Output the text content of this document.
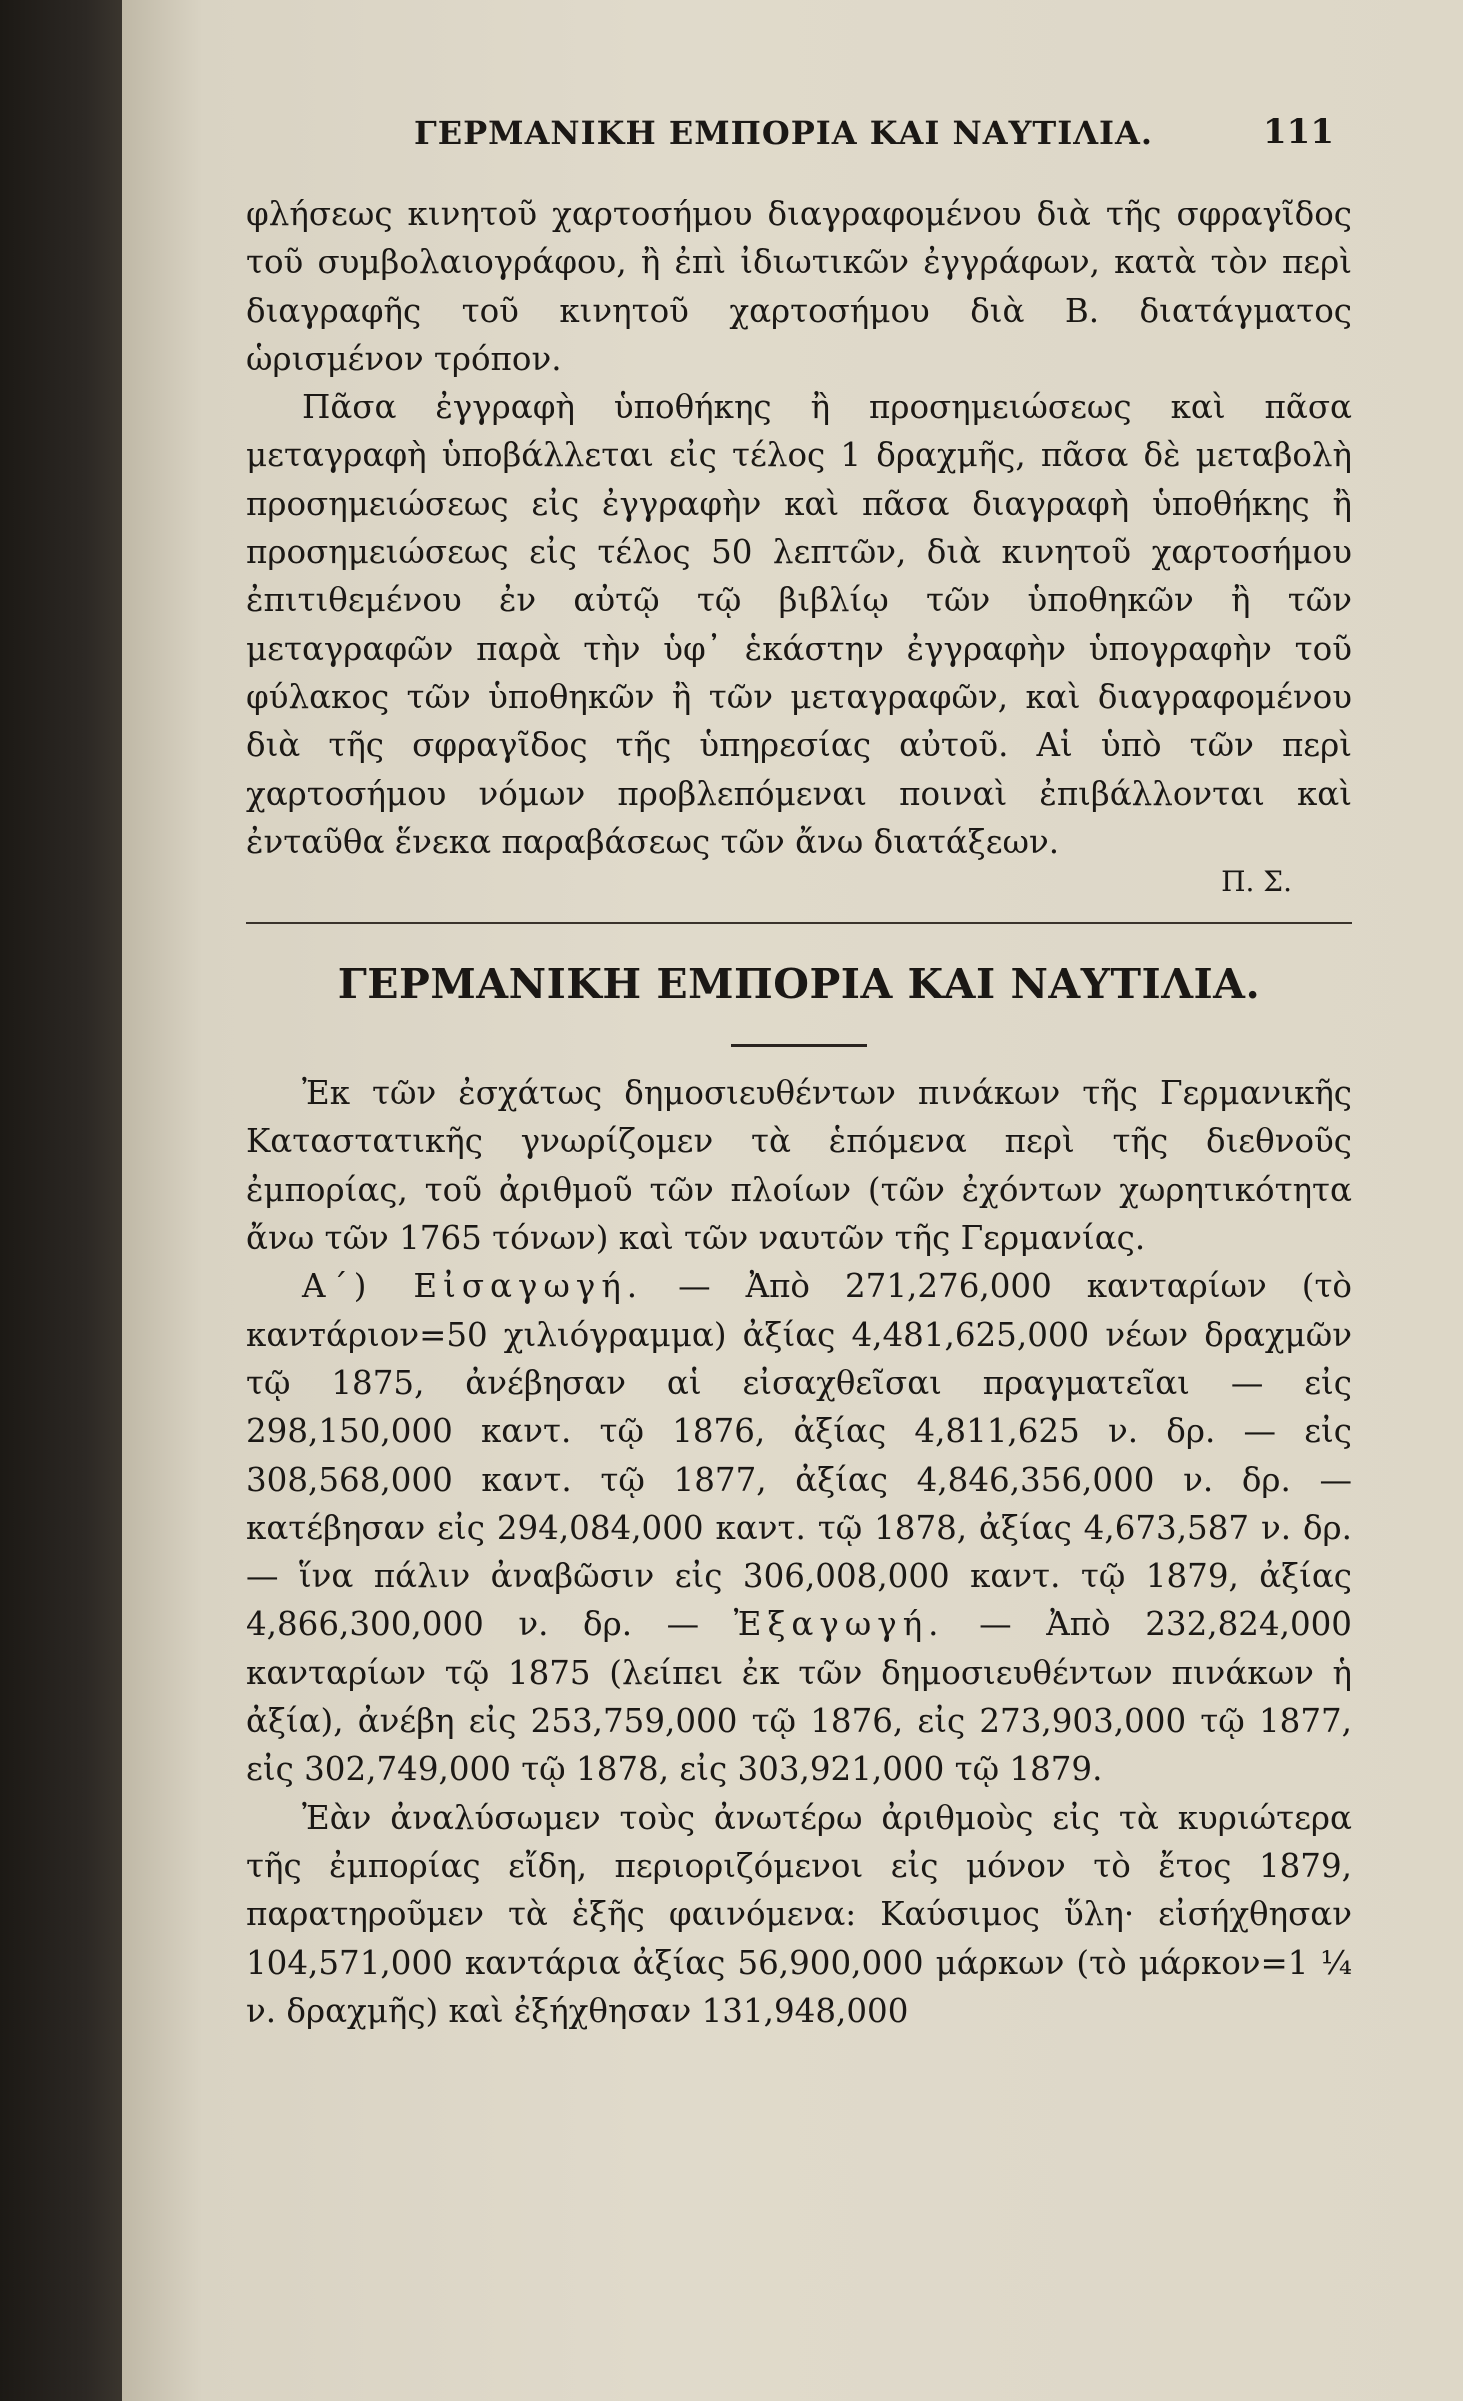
ΓΕΡΜΑΝΙΚΗ ΕΜΠΟΡΙΑ ΚΑΙ ΝΑΥΤΙΛΙΑ.	111

φλήσεως κινητοῦ χαρτοσήμου διαγραφομένου διὰ τῆς σφραγῖδος τοῦ συμβολαιογράφου, ἢ ἐπὶ ἰδιωτικῶν ἐγγράφων, κατὰ τὸν περὶ διαγραφῆς τοῦ κινητοῦ χαρτοσήμου διὰ Β. διατάγματος ὡρισμένον τρόπον.

Πᾶσα ἐγγραφὴ ὑποθήκης ἢ προσημειώσεως καὶ πᾶσα μεταγραφὴ ὑποβάλλεται εἰς τέλος 1 δραχμῆς, πᾶσα δὲ μεταβολὴ προσημειώσεως εἰς ἐγγραφὴν καὶ πᾶσα διαγραφὴ ὑποθήκης ἢ προσημειώσεως εἰς τέλος 50 λεπτῶν, διὰ κινητοῦ χαρτοσήμου ἐπιτιθεμένου ἐν αὐτῷ τῷ βιβλίῳ τῶν ὑποθηκῶν ἢ τῶν μεταγραφῶν παρὰ τὴν ὑφ᾽ ἑκάστην ἐγγραφὴν ὑπογραφὴν τοῦ φύλακος τῶν ὑποθηκῶν ἢ τῶν μεταγραφῶν, καὶ διαγραφομένου διὰ τῆς σφραγῖδος τῆς ὑπηρεσίας αὐτοῦ. Αἱ ὑπὸ τῶν περὶ χαρτοσήμου νόμων προβλεπόμεναι ποιναὶ ἐπιβάλλονται καὶ ἐνταῦθα ἕνεκα παραβάσεως τῶν ἄνω διατάξεων.

Π. Σ.
ΓΕΡΜΑΝΙΚΗ ΕΜΠΟΡΙΑ ΚΑΙ ΝΑΥΤΙΛΙΑ.

Ἐκ τῶν ἐσχάτως δημοσιευθέντων πινάκων τῆς Γερμανικῆς Καταστατικῆς γνωρίζομεν τὰ ἑπόμενα περὶ τῆς διεθνοῦς ἐμπορίας, τοῦ ἀριθμοῦ τῶν πλοίων (τῶν ἐχόντων χωρητικότητα ἄνω τῶν 1765 τόνων) καὶ τῶν ναυτῶν τῆς Γερμανίας.

Α΄) Εἰσαγωγή. — Ἀπὸ 271,276,000 κανταρίων (τὸ κανтάριον=50 χιλιόγραμμα) ἀξίας 4,481,625,000 νέων δραχμῶν τῷ 1875, ἀνέβησαν αἱ εἰσαχθεῖσαι πραγματεῖαι — εἰς 298,150,000 καντ. τῷ 1876, ἀξίας 4,811,625 ν. δρ. — εἰς 308,568,000 καντ. τῷ 1877, ἀξίας 4,846,356,000 ν. δρ. — κατέβησαν εἰς 294,084,000 καντ. τῷ 1878, ἀξίας 4,673,587 ν. δρ. — ἵνα πάλιν ἀναβῶσιν εἰς 306,008,000 καντ. τῷ 1879, ἀξίας 4,866,300,000 ν. δρ. — Ἐξαγωγή. — Ἀπὸ 232,824,000 κανταρίων τῷ 1875 (λείπει ἐκ τῶν δημοσιευθέντων πινάκων ἡ ἀξία), ἀνέβη εἰς 253,759,000 τῷ 1876, εἰς 273,903,000 τῷ 1877, εἰς 302,749,000 τῷ 1878, εἰς 303,921,000 τῷ 1879.

Ἐὰν ἀναλύσωμεν τοὺς ἀνωτέρω ἀριθμοὺς εἰς τὰ κυριώτερα τῆς ἐμπορίας εἴδη, περιοριζόμενοι εἰς μόνον τὸ ἔτος 1879, παρατηροῦμεν τὰ ἑξῆς φαινόμενα: Καύσιμος ὕλη· εἰσήχθησαν 104,571,000 καντάρια ἀξίας 56,900,000 μάρκων (τὸ μάρκον=1 ¼ ν. δραχμῆς) καὶ ἐξήχθησαν 131,948,000
